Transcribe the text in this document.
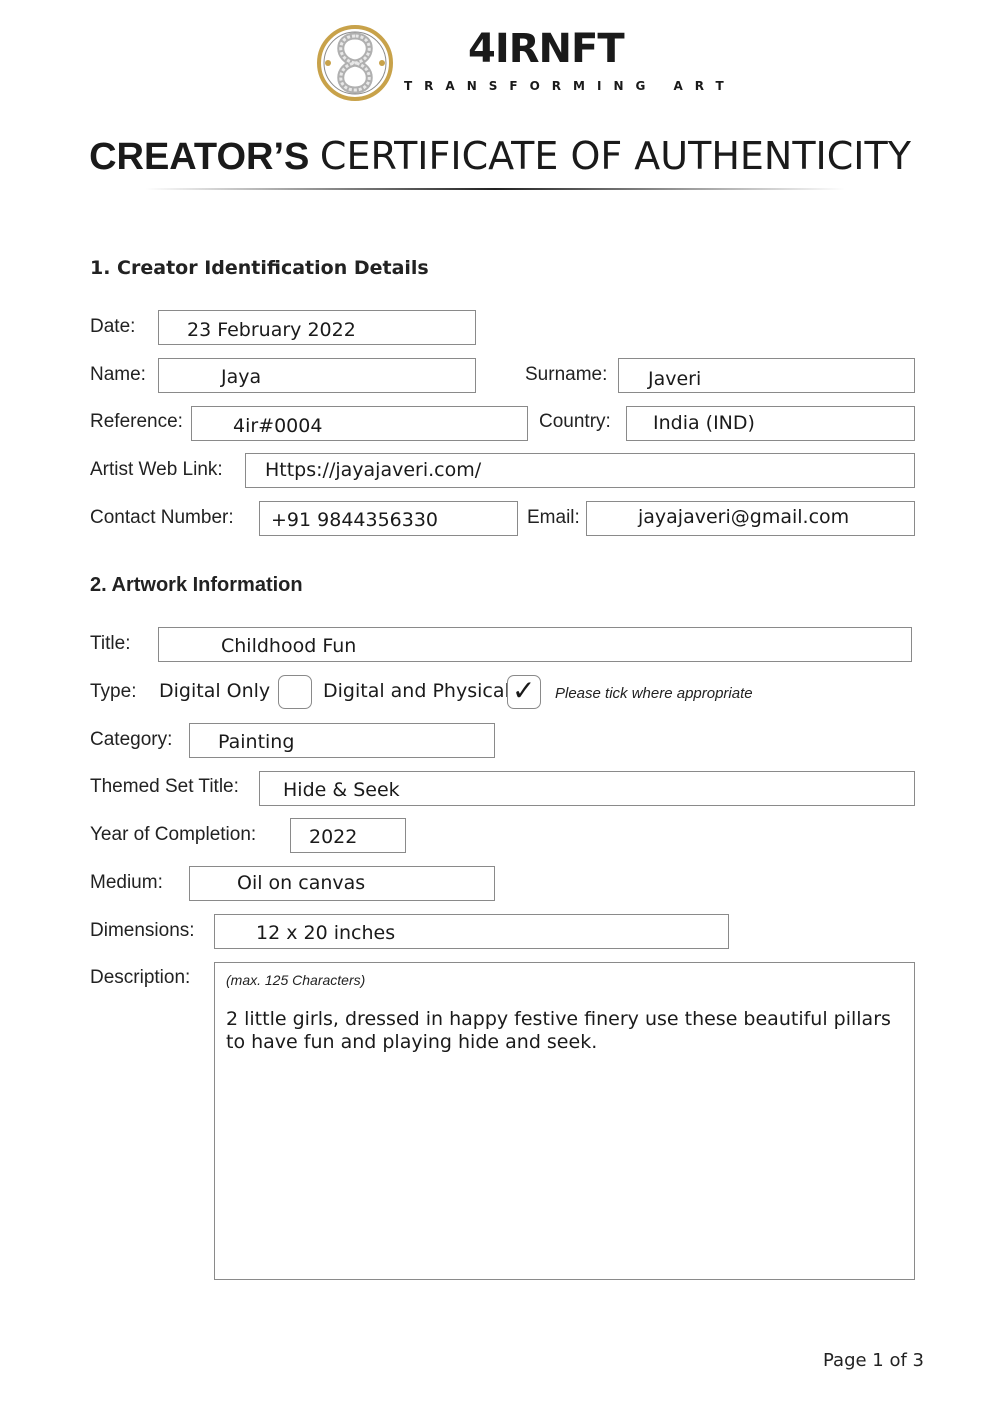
4IRNFT
TRANSFORMING ART
CREATOR’S CERTIFICATE OF AUTHENTICITY
1. Creator Identification Details
Date:	23 February 2022
Name:	Jaya	Surname: Javeri
Reference:	4ir#0004	Country: India (IND)
Artist Web Link: Https://jayajaveri.com/
Contact Number: +91 9844356330	Email:	jayajaveri@gmail.com
2. Artwork Information
Title:	Childhood Fun
Type: Digital Only	Digital and Physical ✓ Please tick where appropriate
Category: Painting
Themed Set Title: Hide & Seek
Year of Completion:	2022
Medium:	Oil on canvas
Dimensions:	12 x 20 inches
Description:	(max. 125 Characters)
2 little girls, dressed in happy festive finery use these beautiful pillars to have fun and playing hide and seek.
Page 1 of 3
